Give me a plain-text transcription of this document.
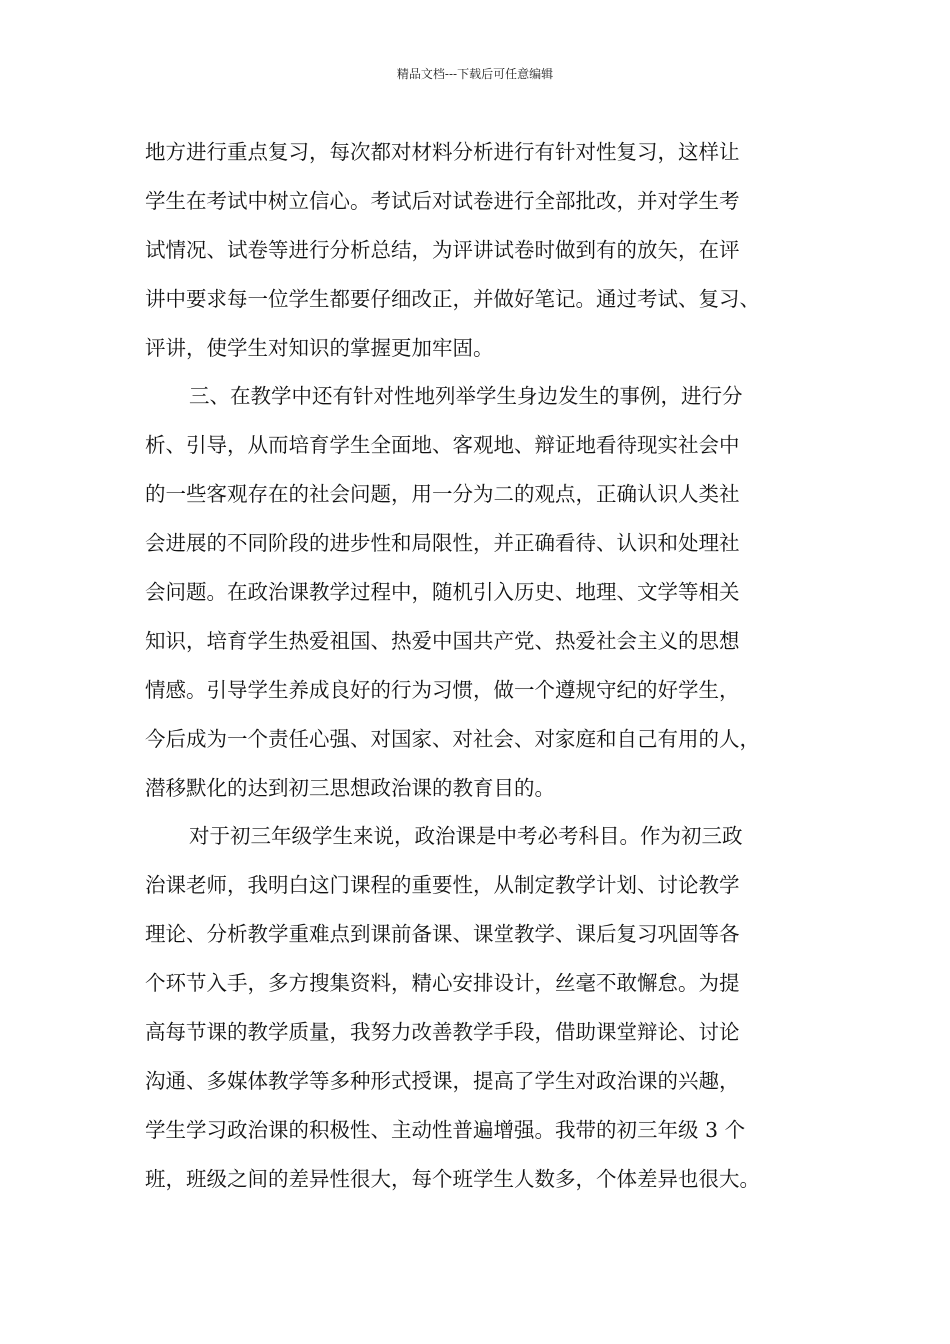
精品文档---下载后可任意编辑
地方进行重点复习，每次都对材料分析进行有针对性复习，这样让
学生在考试中树立信心。考试后对试卷进行全部批改，并对学生考
试情况、试卷等进行分析总结，为评讲试卷时做到有的放矢，在评
讲中要求每一位学生都要仔细改正，并做好笔记。通过考试、复习、
评讲，使学生对知识的掌握更加牢固。
三、在教学中还有针对性地列举学生身边发生的事例，进行分
析、引导，从而培育学生全面地、客观地、辩证地看待现实社会中
的一些客观存在的社会问题，用一分为二的观点，正确认识人类社
会进展的不同阶段的进步性和局限性，并正确看待、认识和处理社
会问题。在政治课教学过程中，随机引入历史、地理、文学等相关
知识，培育学生热爱祖国、热爱中国共产党、热爱社会主义的思想
情感。引导学生养成良好的行为习惯，做一个遵规守纪的好学生，
今后成为一个责任心强、对国家、对社会、对家庭和自己有用的人，
潜移默化的达到初三思想政治课的教育目的。
对于初三年级学生来说，政治课是中考必考科目。作为初三政
治课老师，我明白这门课程的重要性，从制定教学计划、讨论教学
理论、分析教学重难点到课前备课、课堂教学、课后复习巩固等各
个环节入手，多方搜集资料，精心安排设计，丝毫不敢懈怠。为提
高每节课的教学质量，我努力改善教学手段，借助课堂辩论、讨论
沟通、多媒体教学等多种形式授课，提高了学生对政治课的兴趣，
学生学习政治课的积极性、主动性普遍增强。我带的初三年级 3 个
班，班级之间的差异性很大，每个班学生人数多，个体差异也很大。
